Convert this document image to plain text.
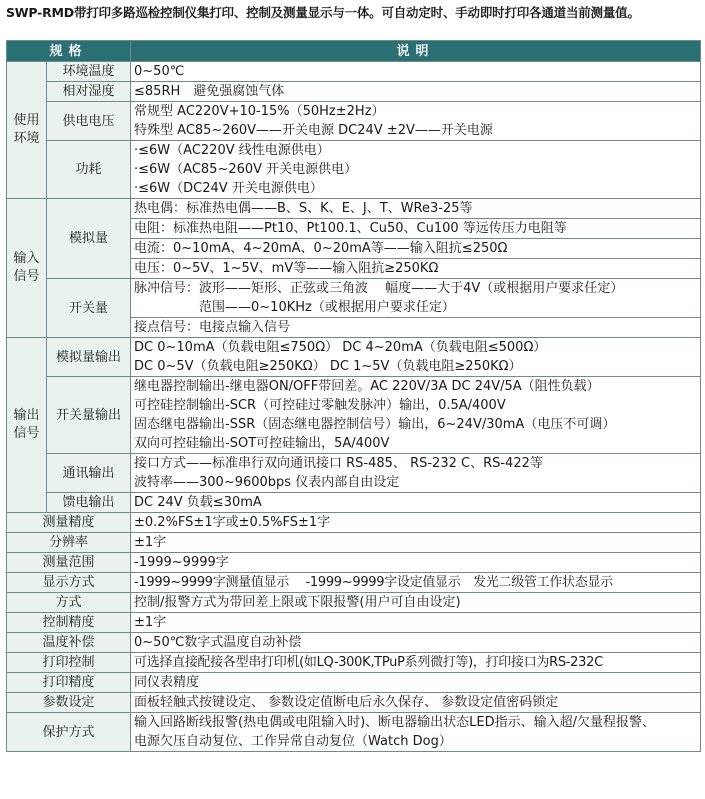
SWP-RMD带打印多路巡检控制仪集打印、控制及测量显示与一体。可自动定时、手动即时打印各通道当前测量值。
规格		说明
使用环境	环境温度	0~50℃
	相对湿度	≤85RH　避免强腐蚀气体
	供电电压	常规型 AC220V+10-15%（50Hz±2Hz）
特殊型 AC85~260V——开关电源 DC24V ±2V——开关电源

	功耗	·≤6W（AC220V 线性电源供电）
·≤6W（AC85~260V 开关电源供电）
·≤6W（DC24V 开关电源供电）

输入信号	模拟量	热电偶：标准热电偶——B、S、K、E、J、T、WRe3-25等
电阻：标准热电阻——Pt10、Pt100.1、Cu50、Cu100 等远传压力电阻等
电流：0~10mA、4~20mA、0~20mA等——输入阻抗≤250Ω
电压：0~5V、1~5V、mV等——输入阻抗≥250KΩ

	开关量	脉冲信号：波形——矩形、正弦或三角波　 幅度——大于4V（或根据用户要求任定）
　　　　　范围——0~10KHz（或根据用户要求任定）
接点信号：电接点输入信号

输出信号	模拟量输出	DC 0~10mA（负载电阻≤750Ω） DC 4~20mA（负载电阻≤500Ω）
DC 0~5V（负载电阻≥250KΩ） DC 1~5V（负载电阻≥250KΩ）

	开关量输出	继电器控制输出-继电器ON/OFF带回差。AC 220V/3A DC 24V/5A（阻性负载）
可控硅控制输出-SCR（可控硅过零触发脉冲）输出，0.5A/400V
固态继电器输出-SSR（固态继电器控制信号）输出，6~24V/30mA（电压不可调）
双向可控硅输出-SOT可控硅输出，5A/400V

	通讯输出	接口方式——标准串行双向通讯接口 RS-485、 RS-232 C、RS-422等
波特率——300~9600bps 仪表内部自由设定

	馈电输出	DC 24V 负载≤30mA
测量精度		±0.2%FS±1字或±0.5%FS±1字
分辨率		±1字
测量范围		-1999~9999字
显示方式		-1999~9999字测量值显示　 -1999~9999字设定值显示　发光二级管工作状态显示
方式		控制/报警方式为带回差上限或下限报警(用户可自由设定)
控制精度		±1字
温度补偿		0~50℃数字式温度自动补偿
打印控制		可选择直接配接各型串打印机(如LQ-300K,TPuP系列微打等)，打印接口为RS-232C
打印精度		同仪表精度
参数设定		面板轻触式按键设定、 参数设定值断电后永久保存、 参数设定值密码锁定
保护方式		输入回路断线报警(热电偶或电阻输入时)、断电器输出状态LED指示、输入超/欠量程报警、
电源欠压自动复位、工作异常自动复位（Watch Dog）
